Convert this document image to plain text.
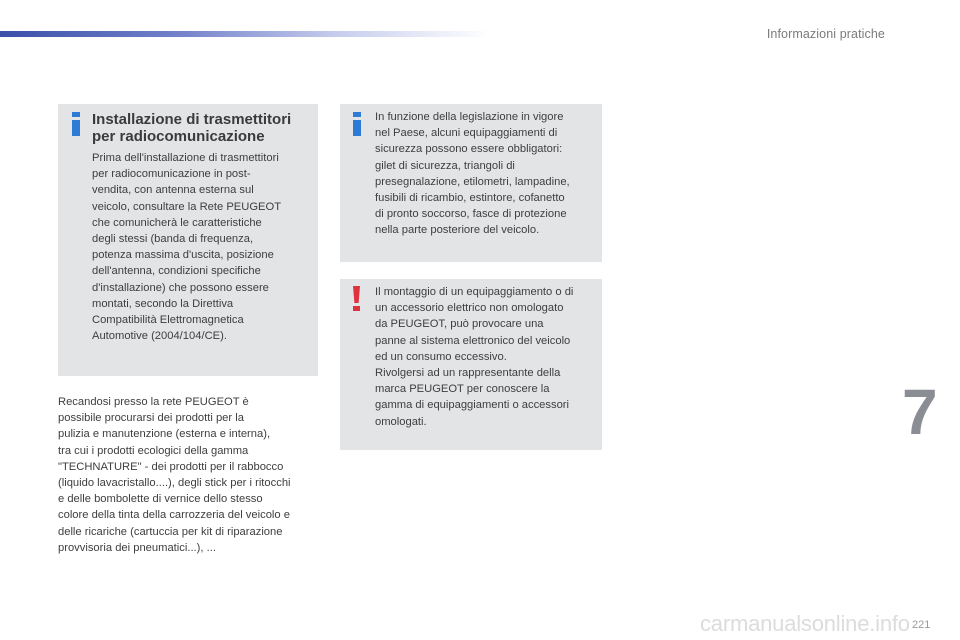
Informazioni pratiche
Installazione di trasmettitori
per radiocomunicazione

Prima dell'installazione di trasmettitori
per radiocomunicazione in post-
vendita, con antenna esterna sul
veicolo, consultare la Rete PEUGEOT
che comunicherà le caratteristiche
degli stessi (banda di frequenza,
potenza massima d'uscita, posizione
dell'antenna, condizioni specifiche
d'installazione) che possono essere
montati, secondo la Direttiva
Compatibilità Elettromagnetica
Automotive (2004/104/CE).

In funzione della legislazione in vigore
nel Paese, alcuni equipaggiamenti di
sicurezza possono essere obbligatori:
gilet di sicurezza, triangoli di
presegnalazione, etilometri, lampadine,
fusibili di ricambio, estintore, cofanetto
di pronto soccorso, fasce di protezione
nella parte posteriore del veicolo.

Il montaggio di un equipaggiamento o di
un accessorio elettrico non omologato
da PEUGEOT, può provocare una
panne al sistema elettronico del veicolo
ed un consumo eccessivo.
Rivolgersi ad un rappresentante della
marca PEUGEOT per conoscere la
gamma di equipaggiamenti o accessori
omologati.

Recandosi presso la rete PEUGEOT è
possibile procurarsi dei prodotti per la
pulizia e manutenzione (esterna e interna),
tra cui i prodotti ecologici della gamma
"TECHNATURE" - dei prodotti per il rabbocco
(liquido lavacristallo....), degli stick per i ritocchi
e delle bombolette di vernice dello stesso
colore della tinta della carrozzeria del veicolo e
delle ricariche (cartuccia per kit di riparazione
provvisoria dei pneumatici...), ...

7
carmanualsonline.info 221
